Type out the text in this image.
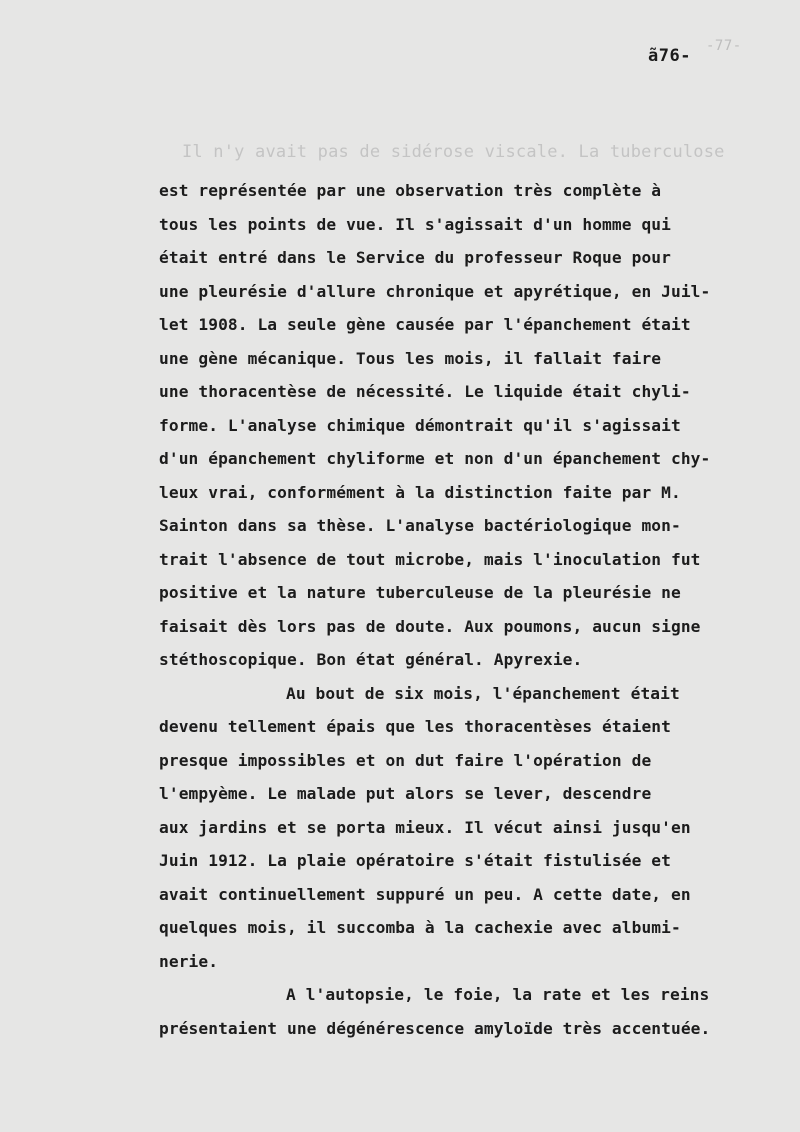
-77-
ã76-
Il n'y avait pas de sidérose viscale. La tuberculose
est représentée par une observation très complète à
tous les points de vue. Il s'agissait d'un homme qui
était entré dans le Service du professeur Roque pour
une pleurésie d'allure chronique et apyrétique, en Juil-
let 1908. La seule gène causée par l'épanchement était
une gène mécanique. Tous les mois, il fallait faire
une thoracentèse de nécessité. Le liquide était chyli-
forme. L'analyse chimique démontrait qu'il s'agissait
d'un épanchement chyliforme et non d'un épanchement chy-
leux vrai, conformément à la distinction faite par M.
Sainton dans sa thèse. L'analyse bactériologique mon-
trait l'absence de tout microbe, mais l'inoculation fut
positive et la nature tuberculeuse de la pleurésie ne
faisait dès lors pas de doute. Aux poumons, aucun signe
stéthoscopique. Bon état général. Apyrexie.
Au bout de six mois, l'épanchement était
devenu tellement épais que les thoracentèses étaient
presque impossibles et on dut faire l'opération de
l'empyème. Le malade put alors se lever, descendre
aux jardins et se porta mieux. Il vécut ainsi jusqu'en
Juin 1912. La plaie opératoire s'était fistulisée et
avait continuellement suppuré un peu. A cette date, en
quelques mois, il succomba à la cachexie avec albumi-
nerie.
A l'autopsie, le foie, la rate et les reins
présentaient une dégénérescence amyloïde très accentuée.
